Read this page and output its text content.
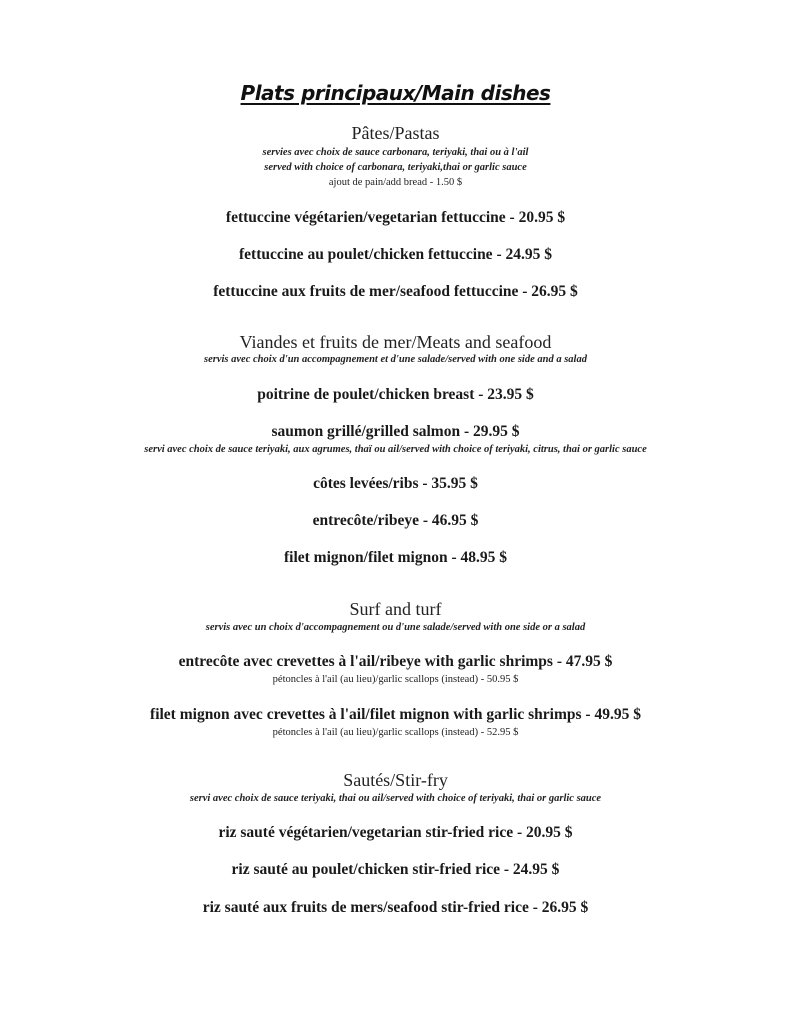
Plats principaux/Main dishes
Pâtes/Pastas
servies avec choix de sauce carbonara, teriyaki, thai ou à l'ail
served with choice of carbonara, teriyaki,thai or garlic sauce
ajout de pain/add bread - 1.50 $
fettuccine végétarien/vegetarian fettuccine - 20.95 $
fettuccine au poulet/chicken fettuccine - 24.95 $
fettuccine aux fruits de mer/seafood fettuccine - 26.95 $
Viandes et fruits de mer/Meats and seafood
servis avec choix d'un accompagnement et d'une salade/served with one side and a salad
poitrine de poulet/chicken breast - 23.95 $
saumon grillé/grilled salmon - 29.95 $
servi avec choix de sauce teriyaki, aux agrumes, thaï ou ail/served with choice of teriyaki, citrus, thai or garlic sauce
côtes levées/ribs - 35.95 $
entrecôte/ribeye - 46.95 $
filet mignon/filet mignon - 48.95 $
Surf and turf
servis avec un choix d'accompagnement ou d'une salade/served with one side or a salad
entrecôte avec crevettes à l'ail/ribeye with garlic shrimps - 47.95 $
pétoncles à l'ail (au lieu)/garlic scallops (instead) - 50.95 $
filet mignon avec crevettes à l'ail/filet mignon with garlic shrimps - 49.95 $
pétoncles à l'ail (au lieu)/garlic scallops (instead) - 52.95 $
Sautés/Stir-fry
servi avec choix de sauce teriyaki, thai ou ail/served with choice of teriyaki, thai or garlic sauce
riz sauté végétarien/vegetarian stir-fried rice - 20.95 $
riz sauté au poulet/chicken stir-fried rice - 24.95 $
riz sauté aux fruits de mers/seafood stir-fried rice - 26.95 $
